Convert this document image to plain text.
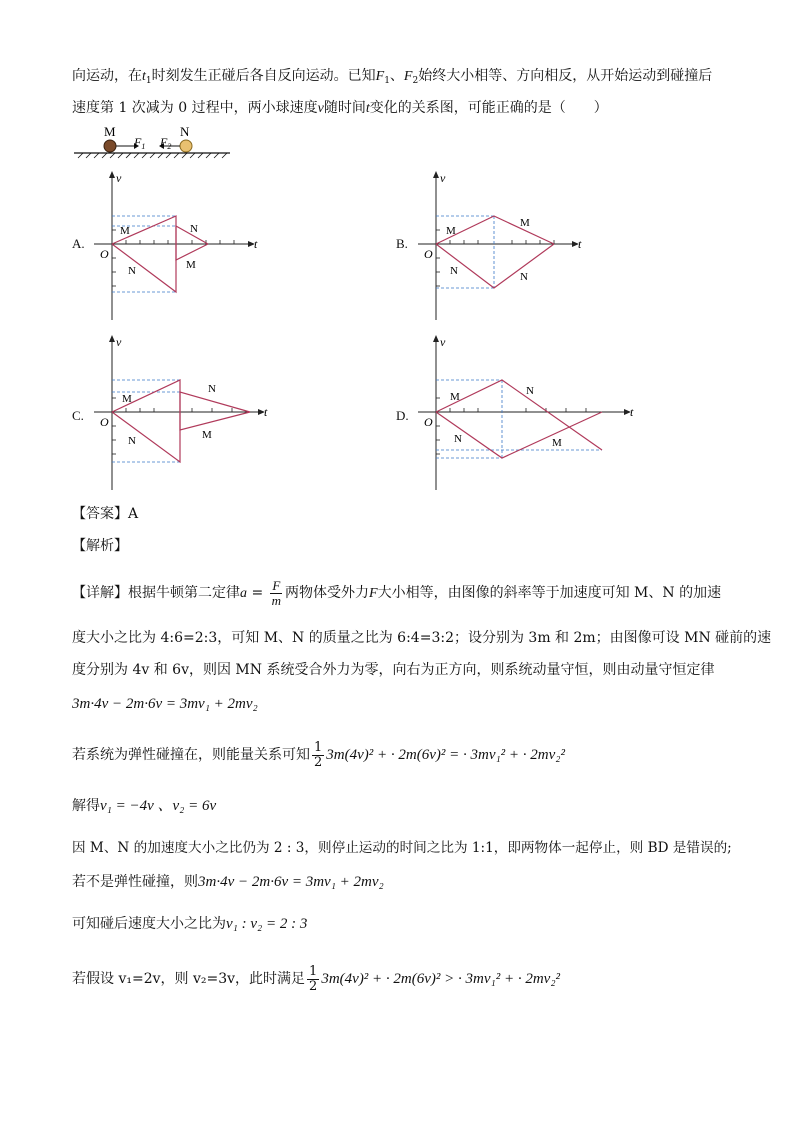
向运动，在$t_1$时刻发生正碰后各自反向运动。已知$F_1$、$F_2$始终大小相等、方向相反，从开始运动到碰撞后
速度第 1 次减为 0 过程中，两小球速度v随时间t变化的关系图，可能正确的是（　　）
M	N
$F_1$ $F_2$
A.
v
t
O
M	N
N	M
B.
v
t
O
M
M
N	N
C.
v
t
O
M
N
N	M
D.
v
t
O
M	N
N	M
【答案】A
【解析】
【详解】根据牛顿第二定律$a = \frac{F}{m}$ 两物体受外力F大小相等，由图像的斜率等于加速度可知 M、N 的加速
度大小之比为 4:6=2:3，可知 M、N 的质量之比为 6:4=3:2；设分别为 3m 和 2m；由图像可设 MN 碰前的速
度分别为 4v 和 6v，则因 MN 系统受合外力为零，向右为正方向，则系统动量守恒，则由动量守恒定律
3m·4v − 2m·6v = 3mv₁ + 2mv₂
若系统为弹性碰撞在，则能量关系可知 $\frac{1}{2} 3m(4v)^2$ + · 2m(6v)² = · 3mv₁² + · 2mv₂²
解得v₁ = −4v 、v₂ = 6v
因 M、N 的加速度大小之比仍为 2 : 3，则停止运动的时间之比为 1:1，即两物体一起停止，则 BD 是错误的;
若不是弹性碰撞，则3m·4v − 2m·6v = 3mv₁ + 2mv₂
可知碰后速度大小之比为v₁ : v₂ = 2 : 3
若假设 v₁=2v，则 v₂=3v，此时满足 $\frac{1}{2} 3m(4v)^2$ + · 2m(6v)² > · 3mv₁² + · 2mv₂²
